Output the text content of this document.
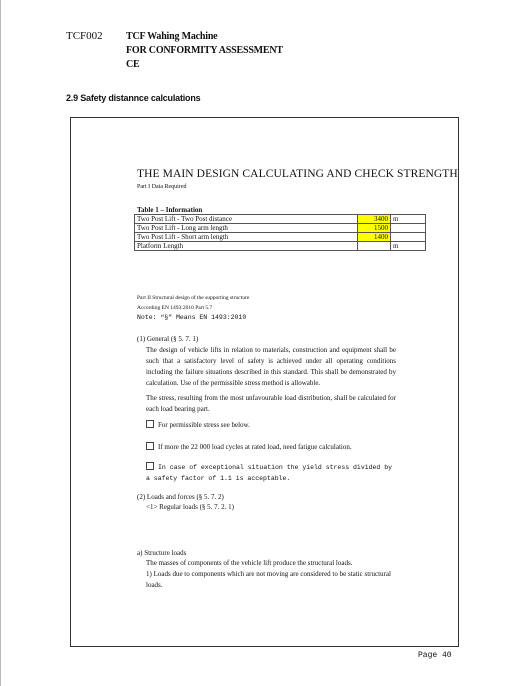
TCF002	TCF Wahing Machine
FOR CONFORMITY ASSESSMENT
CE
2.9 Safety distannce calculations
THE MAIN DESIGN CALCULATING AND CHECK STRENGTH
Part I Data Required
Table 1 – Information
Two Post Lift - Two Post distance	3400	m
Two Post Lift - Long arm length	1500	
Two Post Lift - Short arm length	1400	
Platform Length		m
Part II Structural design of the supporting structure
According EN 1493:2010 Part 5.7
Note: “§” Means EN 1493:2010
(1) General (§ 5. 7. 1)
The design of vehicle lifts in relation to materials, construction and equipment shall be such that a satisfactory level of safety is achieved under all operating conditions including the failure situations described in this standard. This shall be demonstrated by calculation. Use of the permissible stress method is allowable.
The stress, resulting from the most unfavourable load distribution, shall be calculated for each load bearing part.
For permissible stress see below.
If more the 22 000 load cycles at rated load, need fatigue calculation.
In case of exceptional situation the yield stress divided by a safety factor of 1.1 is acceptable.
(2) Loads and forces (§ 5. 7. 2)
<1> Regular loads (§ 5. 7. 2. 1)
a) Structure loads
The masses of components of the vehicle lift produce the structural loads.
1) Loads due to components which are not moving are considered to be static structural loads.
Page 40
